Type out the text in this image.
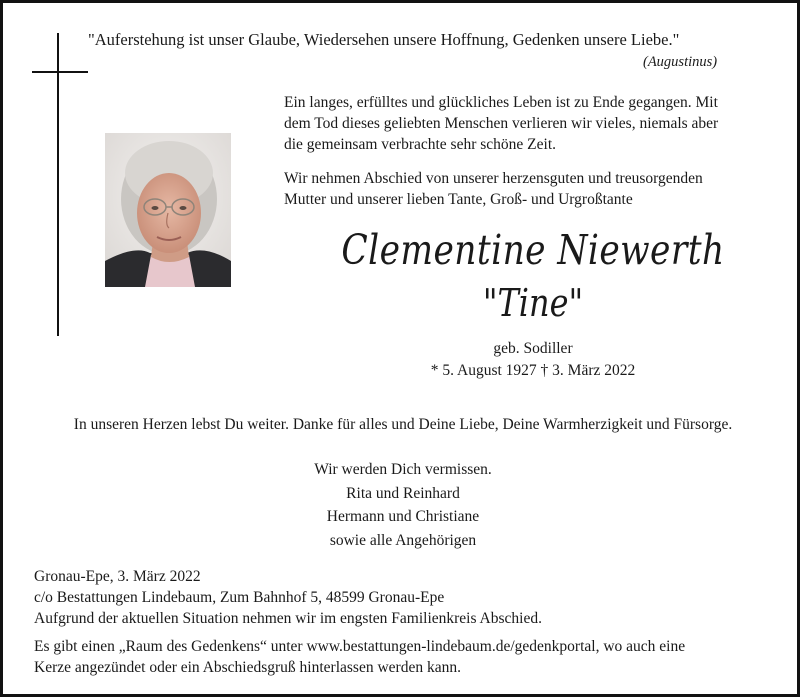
"Auferstehung ist unser Glaube, Wiedersehen unsere Hoffnung, Gedenken unsere Liebe."
(Augustinus)
Ein langes, erfülltes und glückliches Leben ist zu Ende gegangen. Mit
dem Tod dieses geliebten Menschen verlieren wir vieles, niemals aber
die gemeinsam verbrachte sehr schöne Zeit.
Wir nehmen Abschied von unserer herzensguten und treusorgenden
Mutter und unserer lieben Tante, Groß- und Urgroßtante
Clementine Niewerth
"Tine"
geb. Sodiller
* 5. August 1927 † 3. März 2022
In unseren Herzen lebst Du weiter. Danke für alles und Deine Liebe, Deine Warmherzigkeit und Fürsorge.
Wir werden Dich vermissen.
Rita und Reinhard
Hermann und Christiane
sowie alle Angehörigen
Gronau-Epe, 3. März 2022
c/o Bestattungen Lindebaum, Zum Bahnhof 5, 48599 Gronau-Epe
Aufgrund der aktuellen Situation nehmen wir im engsten Familienkreis Abschied.
Es gibt einen „Raum des Gedenkens“ unter www.bestattungen-lindebaum.de/gedenkportal, wo auch eine
Kerze angezündet oder ein Abschiedsgruß hinterlassen werden kann.
